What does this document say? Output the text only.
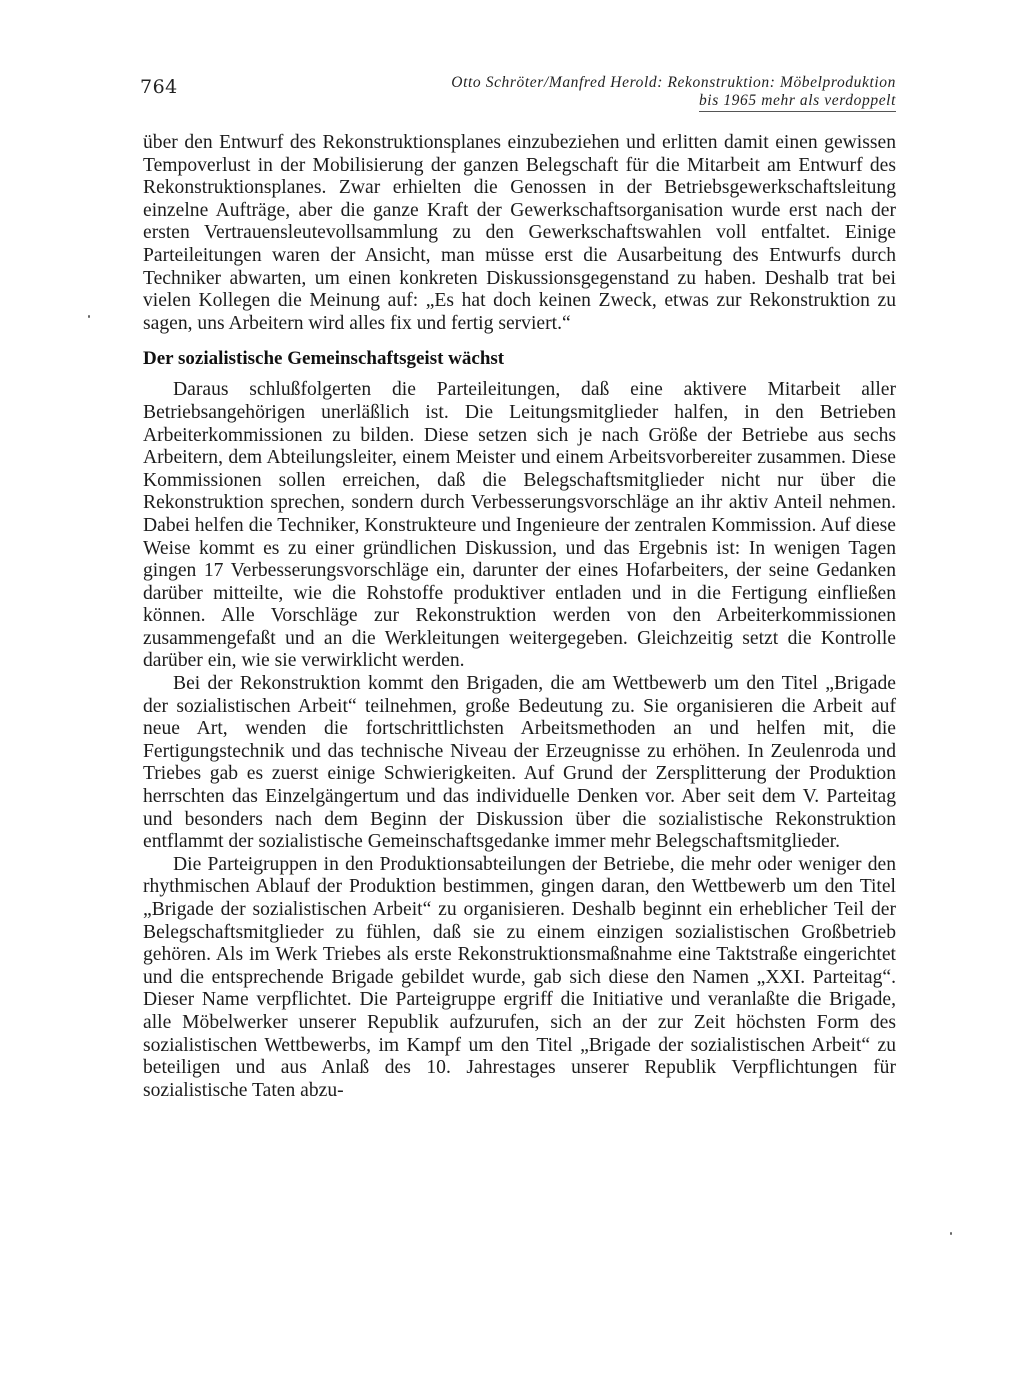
764	Otto Schröter/Manfred Herold: Rekonstruktion: Möbelproduktion
bis 1965 mehr als verdoppelt

über den Entwurf des Rekonstruktionsplanes einzubeziehen und erlitten damit einen gewissen Tempoverlust in der Mobilisierung der ganzen Belegschaft für die Mitarbeit am Entwurf des Rekonstruktionsplanes. Zwar erhielten die Genossen in der Betriebsgewerkschaftsleitung einzelne Aufträge, aber die ganze Kraft der Gewerkschaftsorganisation wurde erst nach der ersten Vertrauensleutevollsammlung zu den Gewerkschaftswahlen voll entfaltet. Einige Parteileitungen waren der Ansicht, man müsse erst die Ausarbeitung des Entwurfs durch Techniker abwarten, um einen konkreten Diskussionsgegenstand zu haben. Deshalb trat bei vielen Kollegen die Meinung auf: „Es hat doch keinen Zweck, etwas zur Rekonstruktion zu sagen, uns Arbeitern wird alles fix und fertig serviert.“

Der sozialistische Gemeinschaftsgeist wächst

Daraus schlußfolgerten die Parteileitungen, daß eine aktivere Mitarbeit aller Betriebsangehörigen unerläßlich ist. Die Leitungsmitglieder halfen, in den Betrieben Arbeiterkommissionen zu bilden. Diese setzen sich je nach Größe der Betriebe aus sechs Arbeitern, dem Abteilungsleiter, einem Meister und einem Arbeitsvorbereiter zusammen. Diese Kommissionen sollen erreichen, daß die Belegschaftsmitglieder nicht nur über die Rekonstruktion sprechen, sondern durch Verbesserungsvorschläge an ihr aktiv Anteil nehmen. Dabei helfen die Techniker, Konstrukteure und Ingenieure der zentralen Kommission. Auf diese Weise kommt es zu einer gründlichen Diskussion, und das Ergebnis ist: In wenigen Tagen gingen 17 Verbesserungsvorschläge ein, darunter der eines Hofarbeiters, der seine Gedanken darüber mitteilte, wie die Rohstoffe produktiver entladen und in die Fertigung einfließen können. Alle Vorschläge zur Rekonstruktion werden von den Arbeiterkommissionen zusammengefaßt und an die Werkleitungen weitergegeben. Gleichzeitig setzt die Kontrolle darüber ein, wie sie verwirklicht werden.

Bei der Rekonstruktion kommt den Brigaden, die am Wettbewerb um den Titel „Brigade der sozialistischen Arbeit“ teilnehmen, große Bedeutung zu. Sie organisieren die Arbeit auf neue Art, wenden die fortschrittlichsten Arbeitsmethoden an und helfen mit, die Fertigungstechnik und das technische Niveau der Erzeugnisse zu erhöhen. In Zeulenroda und Triebes gab es zuerst einige Schwierigkeiten. Auf Grund der Zersplitterung der Produktion herrschten das Einzelgängertum und das individuelle Denken vor. Aber seit dem V. Parteitag und besonders nach dem Beginn der Diskussion über die sozialistische Rekonstruktion entflammt der sozialistische Gemeinschaftsgedanke immer mehr Belegschaftsmitglieder.

Die Parteigruppen in den Produktionsabteilungen der Betriebe, die mehr oder weniger den rhythmischen Ablauf der Produktion bestimmen, gingen daran, den Wettbewerb um den Titel „Brigade der sozialistischen Arbeit“ zu organisieren. Deshalb beginnt ein erheblicher Teil der Belegschaftsmitglieder zu fühlen, daß sie zu einem einzigen sozialistischen Großbetrieb gehören. Als im Werk Triebes als erste Rekonstruktionsmaßnahme eine Taktstraße eingerichtet und die entsprechende Brigade gebildet wurde, gab sich diese den Namen „XXI. Parteitag“. Dieser Name verpflichtet. Die Parteigruppe ergriff die Initiative und veranlaßte die Brigade, alle Möbelwerker unserer Republik aufzurufen, sich an der zur Zeit höchsten Form des sozialistischen Wettbewerbs, im Kampf um den Titel „Brigade der sozialistischen Arbeit“ zu beteiligen und aus Anlaß des 10. Jahrestages unserer Republik Verpflichtungen für sozialistische Taten abzu-
